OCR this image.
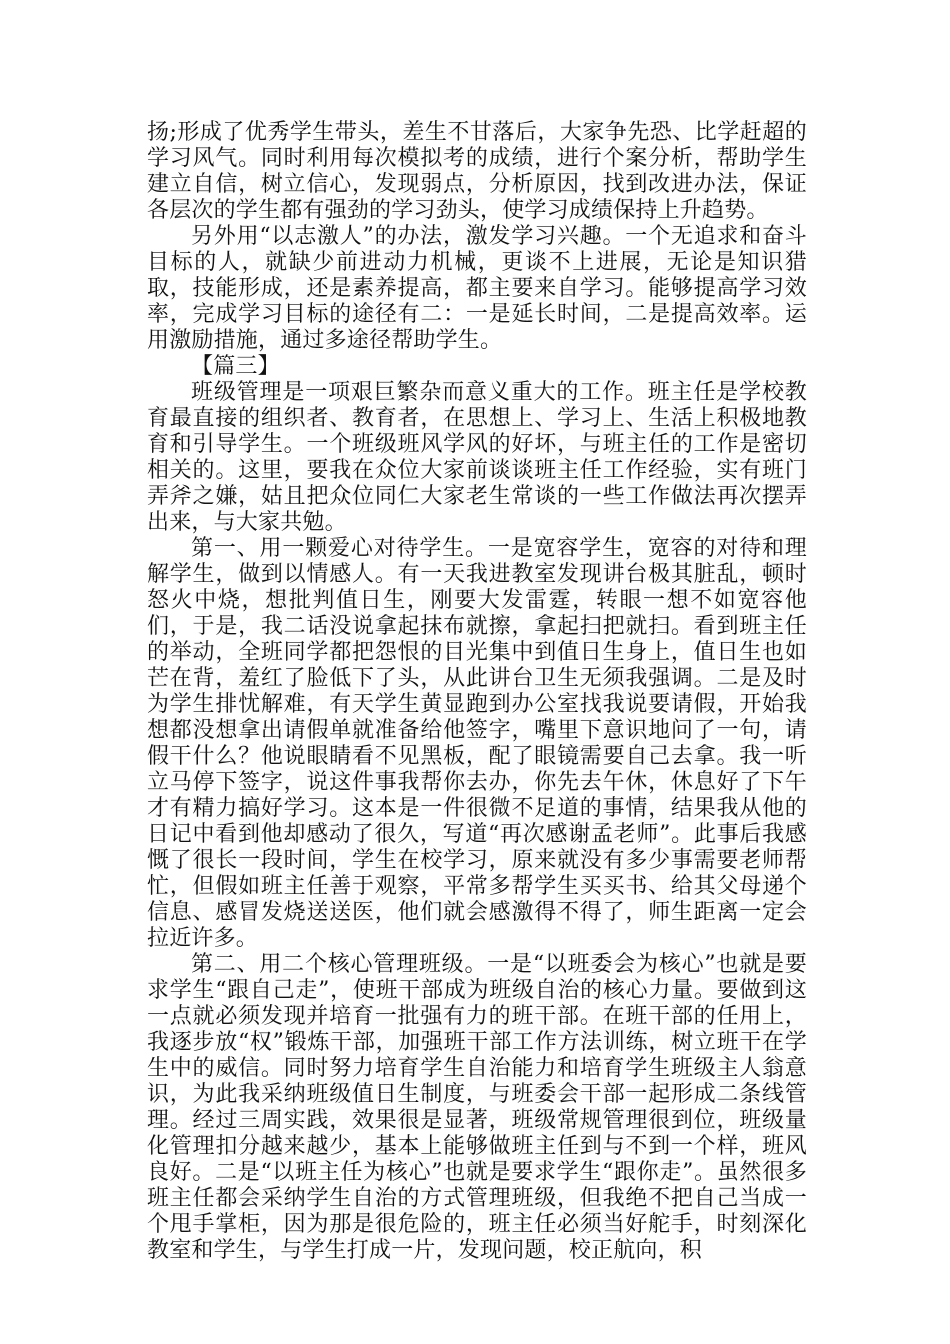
扬;形成了优秀学生带头，差生不甘落后，大家争先恐、比学赶超的学习风气。同时利用每次模拟考的成绩，进行个案分析，帮助学生建立自信，树立信心，发现弱点，分析原因，找到改进办法，保证各层次的学生都有强劲的学习劲头，使学习成绩保持上升趋势。

另外用“以志激人”的办法，激发学习兴趣。一个无追求和奋斗目标的人，就缺少前进动力机械，更谈不上进展，无论是知识猎取，技能形成，还是素养提高，都主要来自学习。能够提高学习效率，完成学习目标的途径有二：一是延长时间，二是提高效率。运用激励措施，通过多途径帮助学生。

【篇三】

班级管理是一项艰巨繁杂而意义重大的工作。班主任是学校教育最直接的组织者、教育者，在思想上、学习上、生活上积极地教育和引导学生。一个班级班风学风的好坏，与班主任的工作是密切相关的。这里，要我在众位大家前谈谈班主任工作经验，实有班门弄斧之嫌，姑且把众位同仁大家老生常谈的一些工作做法再次摆弄出来，与大家共勉。

第一、用一颗爱心对待学生。一是宽容学生，宽容的对待和理解学生，做到以情感人。有一天我进教室发现讲台极其脏乱，顿时怒火中烧，想批判值日生，刚要大发雷霆，转眼一想不如宽容他们，于是，我二话没说拿起抹布就擦，拿起扫把就扫。看到班主任的举动，全班同学都把怨恨的目光集中到值日生身上，值日生也如芒在背，羞红了脸低下了头，从此讲台卫生无须我强调。二是及时为学生排忧解难，有天学生黄显跑到办公室找我说要请假，开始我想都没想拿出请假单就准备给他签字，嘴里下意识地问了一句，请假干什么？他说眼睛看不见黑板，配了眼镜需要自己去拿。我一听立马停下签字，说这件事我帮你去办，你先去午休，休息好了下午才有精力搞好学习。这本是一件很微不足道的事情，结果我从他的日记中看到他却感动了很久，写道“再次感谢孟老师”。此事后我感慨了很长一段时间，学生在校学习，原来就没有多少事需要老师帮忙，但假如班主任善于观察，平常多帮学生买买书、给其父母递个信息、感冒发烧送送医，他们就会感激得不得了，师生距离一定会拉近许多。

第二、用二个核心管理班级。一是“以班委会为核心”也就是要求学生“跟自己走”，使班干部成为班级自治的核心力量。要做到这一点就必须发现并培育一批强有力的班干部。在班干部的任用上，我逐步放“权”锻炼干部，加强班干部工作方法训练，树立班干在学生中的威信。同时努力培育学生自治能力和培育学生班级主人翁意识，为此我采纳班级值日生制度，与班委会干部一起形成二条线管理。经过三周实践，效果很是显著，班级常规管理很到位，班级量化管理扣分越来越少，基本上能够做班主任到与不到一个样，班风良好。二是“以班主任为核心”也就是要求学生“跟你走”。虽然很多班主任都会采纳学生自治的方式管理班级，但我绝不把自己当成一个甩手掌柜，因为那是很危险的，班主任必须当好舵手，时刻深化教室和学生，与学生打成一片，发现问题，校正航向，积
